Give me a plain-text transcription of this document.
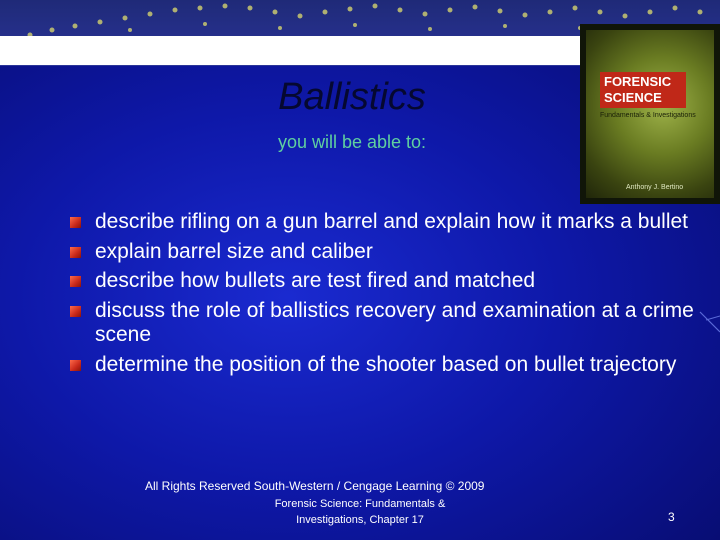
Ballistics
you will be able to:
FORENSIC
SCIENCE
Fundamentals & Investigations
Anthony J. Bertino
describe rifling on a gun barrel and explain how it marks a bullet
explain barrel size and caliber
describe how bullets are test fired and matched
discuss the role of ballistics recovery and examination at a crime scene
determine the position of the shooter based on bullet trajectory
All Rights Reserved South-Western / Cengage Learning © 2009
Forensic Science: Fundamentals &
Investigations, Chapter 17	3
